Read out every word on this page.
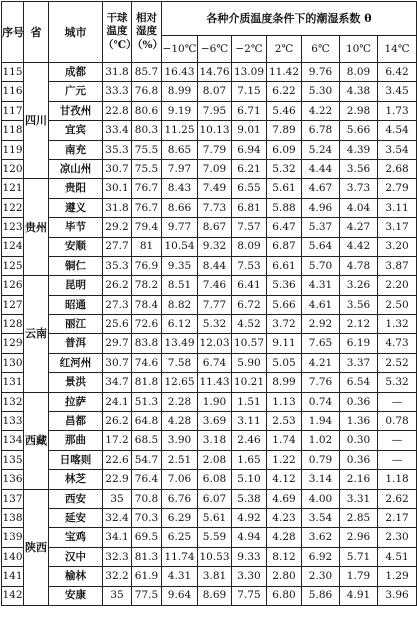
序号	省	城市	干球温度（℃）	相对湿度（%）	各种介质温度条件下的潮湿系数 θ						
					−10℃	−6℃	−2℃	2℃	6℃	10℃	14℃
115	四川	成都	31.8	85.7	16.43	14.76	13.09	11.42	9.76	8.09	6.42
116		广元	33.3	76.8	8.99	8.07	7.15	6.22	5.30	4.38	3.45
117		甘孜州	22.8	80.6	9.19	7.95	6.71	5.46	4.22	2.98	1.73
118		宜宾	33.4	80.3	11.25	10.13	9.01	7.89	6.78	5.66	4.54
119		南充	35.3	75.5	8.65	7.79	6.94	6.09	5.24	4.39	3.54
120		凉山州	30.7	75.5	7.97	7.09	6.21	5.32	4.44	3.56	2.68
121	贵州	贵阳	30.1	76.7	8.43	7.49	6.55	5.61	4.67	3.73	2.79
122		遵义	31.8	76.7	8.66	7.73	6.81	5.88	4.96	4.04	3.11
123		毕节	29.2	79.4	9.77	8.67	7.57	6.47	5.37	4.27	3.17
124		安顺	27.7	81	10.54	9.32	8.09	6.87	5.64	4.42	3.20
125		铜仁	35.3	76.9	9.35	8.44	7.53	6.61	5.70	4.78	3.87
126	云南	昆明	26.2	78.2	8.51	7.46	6.41	5.36	4.31	3.26	2.20
127		昭通	27.3	78.4	8.82	7.77	6.72	5.66	4.61	3.56	2.50
128		丽江	25.6	72.6	6.12	5.32	4.52	3.72	2.92	2.12	1.32
129		普洱	29.7	83.8	13.49	12.03	10.57	9.11	7.65	6.19	4.73
130		红河州	30.7	74.6	7.58	6.74	5.90	5.05	4.21	3.37	2.52
131		景洪	34.7	81.8	12.65	11.43	10.21	8.99	7.76	6.54	5.32
132	西藏	拉萨	24.1	51.3	2.28	1.90	1.51	1.13	0.74	0.36	—
133		昌都	26.2	64.8	4.28	3.69	3.11	2.53	1.94	1.36	0.78
134		那曲	17.2	68.5	3.90	3.18	2.46	1.74	1.02	0.30	—
135		日喀则	22.6	54.7	2.51	2.08	1.65	1.22	0.79	0.36	—
136		林芝	22.9	76.4	7.06	6.08	5.10	4.12	3.14	2.16	1.18
137	陕西	西安	35	70.8	6.76	6.07	5.38	4.69	4.00	3.31	2.62
138		延安	32.4	70.3	6.29	5.61	4.92	4.23	3.54	2.85	2.17
139		宝鸡	34.1	69.5	6.25	5.59	4.94	4.28	3.62	2.96	2.30
140		汉中	32.3	81.3	11.74	10.53	9.33	8.12	6.92	5.71	4.51
141		榆林	32.2	61.9	4.31	3.81	3.30	2.80	2.30	1.79	1.29
142		安康	35	77.5	9.64	8.69	7.75	6.80	5.86	4.91	3.96
